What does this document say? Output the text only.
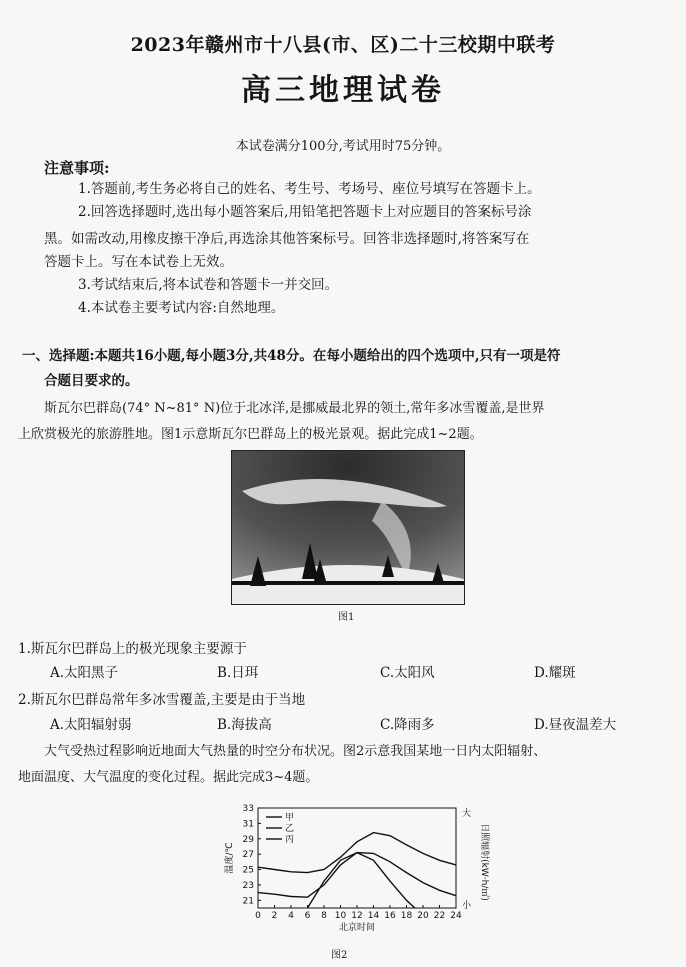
2023年赣州市十八县(市、区)二十三校期中联考
高三地理试卷
本试卷满分100分,考试用时75分钟。
注意事项:
1.答题前,考生务必将自己的姓名、考生号、考场号、座位号填写在答题卡上。
2.回答选择题时,选出每小题答案后,用铅笔把答题卡上对应题目的答案标号涂
黑。如需改动,用橡皮擦干净后,再选涂其他答案标号。回答非选择题时,将答案写在
答题卡上。写在本试卷上无效。
3.考试结束后,将本试卷和答题卡一并交回。
4.本试卷主要考试内容:自然地理。
一、选择题:本题共16小题,每小题3分,共48分。在每小题给出的四个选项中,只有一项是符
合题目要求的。
斯瓦尔巴群岛(74° N~81° N)位于北冰洋,是挪威最北界的领土,常年多冰雪覆盖,是世界
上欣赏极光的旅游胜地。图1示意斯瓦尔巴群岛上的极光景观。据此完成1~2题。
图1
1.斯瓦尔巴群岛上的极光现象主要源于
A.太阳黑子	B.日珥	C.太阳风	D.耀斑
2.斯瓦尔巴群岛常年多冰雪覆盖,主要是由于当地
A.太阳辐射弱	B.海拔高	C.降雨多	D.昼夜温差大
大气受热过程影响近地面大气热量的时空分布状况。图2示意我国某地一日内太阳辐射、
地面温度、大气温度的变化过程。据此完成3~4题。
21
23
25
27
29
31
33
0 2 4 6 8 10 12 14 16 18 20 22 24
北京时间
温度/℃	日照辐射(kW·h/㎡)
大
小
甲
乙
丙
图2
